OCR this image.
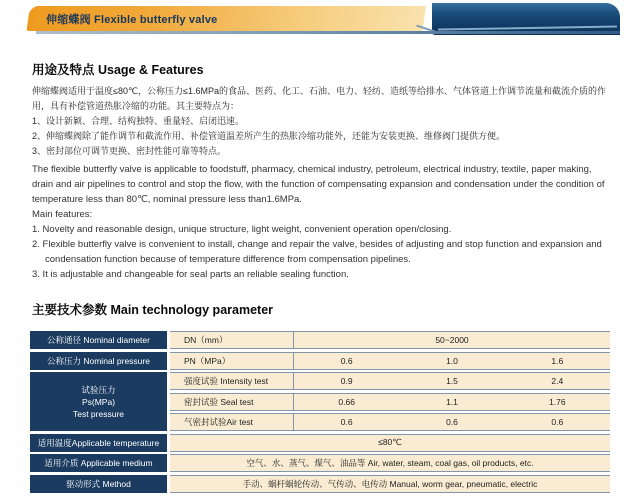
伸缩蝶阀 Flexible butterfly valve
用途及特点 Usage & Features
伸缩蝶阀适用于温度≤80℃，公称压力≤1.6MPa的食品、医药、化工、石油、电力、轻纺、造纸等给排水、气体管道上作调节流量和截流介质的作用，具有补偿管道热胀冷缩的功能。其主要特点为：
1、设计新颖、合理、结构独特、重量轻、启闭迅速。
2、伸缩蝶阀除了能作调节和截流作用、补偿管道温差所产生的热胀冷缩功能外，还能为安装更换、维修阀门提供方便。
3、密封部位可调节更换、密封性能可靠等特点。
The flexible butterfly valve is applicable to foodstuff, pharmacy, chemical industry, petroleum, electrical industry, textile, paper making, drain and air pipelines to control and stop the flow, with the function of compensating expansion and condensation under the condition of temperature less than 80℃, nominal pressure less than1.6MPa.
Main features:
1. Novelty and reasonable design, unique structure, light weight, convenient operation open/closing.
2. Flexible butterfly valve is convenient to install, change and repair the valve, besides of adjusting and stop function and expansion and condensation function because of temperature difference from compensation pipelines.
3. It is adjustable and changeable for seal parts an reliable sealing function.
主要技术参数 Main technology parameter
公称通径 Nominal diameter	DN（mm）	50~2000
公称压力 Nominal pressure	PN（MPa）	0.6	1.0	1.6
试验压力
Ps(MPa)
Test pressure
强度试验 Intensity test	0.9	1.5	2.4
密封试验 Seal test	0.66	1.1	1.76
气密封试验Air test	0.6	0.6	0.6
适用温度Applicable temperature	≤80℃
适用介质 Applicable medium	空气、水、蒸气、煤气、油品等 Air, water, steam, coal gas, oil products, etc.
驱动形式 Method	手动、蜗杆蜗轮传动、气传动、电传动 Manual, worm gear, pneumatic, electric
